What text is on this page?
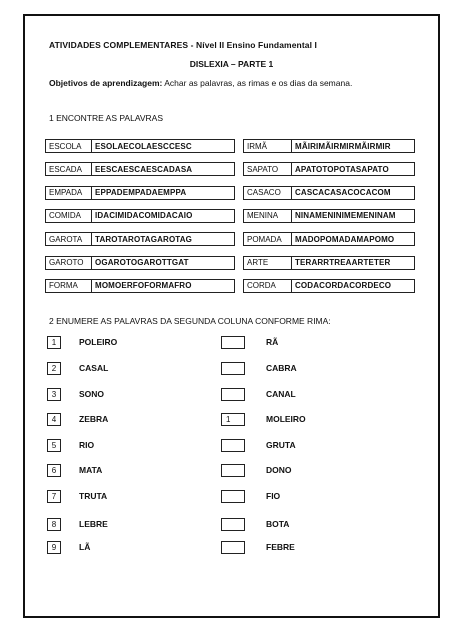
ATIVIDADES COMPLEMENTARES - Nível II Ensino Fundamental I
DISLEXIA – PARTE 1
Objetivos de aprendizagem: Achar as palavras, as rimas e os dias da semana.
1 ENCONTRE AS PALAVRAS
ESCOLA	ESOLAECOLAESCCESC
ESCADA	EESCAESCAESCADASA
EMPADA	EPPADEMPADAEMPPA
COMIDA	IDACIMIDACOMIDACAIO
GAROTA	TAROTAROTAGAROTAG
GAROTO	OGAROTOGAROTTGAT
FORMA	MOMOERFOFORMAFRO
IRMÃ	MÃIRIMÃIRMIRMÃIRMIR
SAPATO	APATOTOPOTASAPATO
CASACO	CASCACASACOCACOM
MENINA	NINAMENINIMEMENINAM
POMADA	MADOPOMADAMAPOMO
ARTE	TERARRTREAARTETER
CORDA	CODACORDACORDECO
2 ENUMERE AS PALAVRAS DA SEGUNDA COLUNA CONFORME RIMA:
1	POLEIRO
2	CASAL
3	SONO
4	ZEBRA
5	RIO
6	MATA
7	TRUTA
8	LEBRE
9	LÃ
RÃ
CABRA
CANAL
1	MOLEIRO
GRUTA
DONO
FIO
BOTA
FEBRE
